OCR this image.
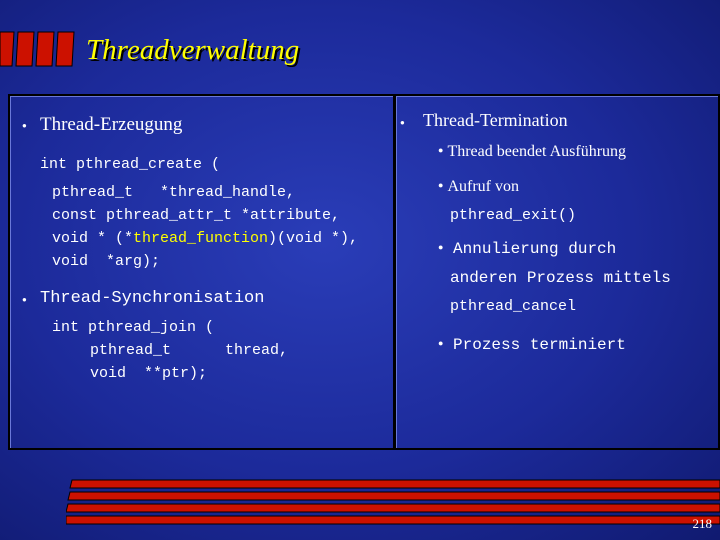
Threadverwaltung
● Thread-Erzeugung
int pthread_create (
pthread_t *thread_handle,
const pthread_attr_t *attribute,
void * (*thread_function)(void *),
void  *arg);
● Thread-Synchronisation
int pthread_join (
pthread_t	thread,
void  **ptr);
● Thread-Termination
● Thread beendet Ausführung
● Aufruf von
pthread_exit()
● Annulierung durch
anderen Prozess mittels
pthread_cancel
● Prozess terminiert
218
